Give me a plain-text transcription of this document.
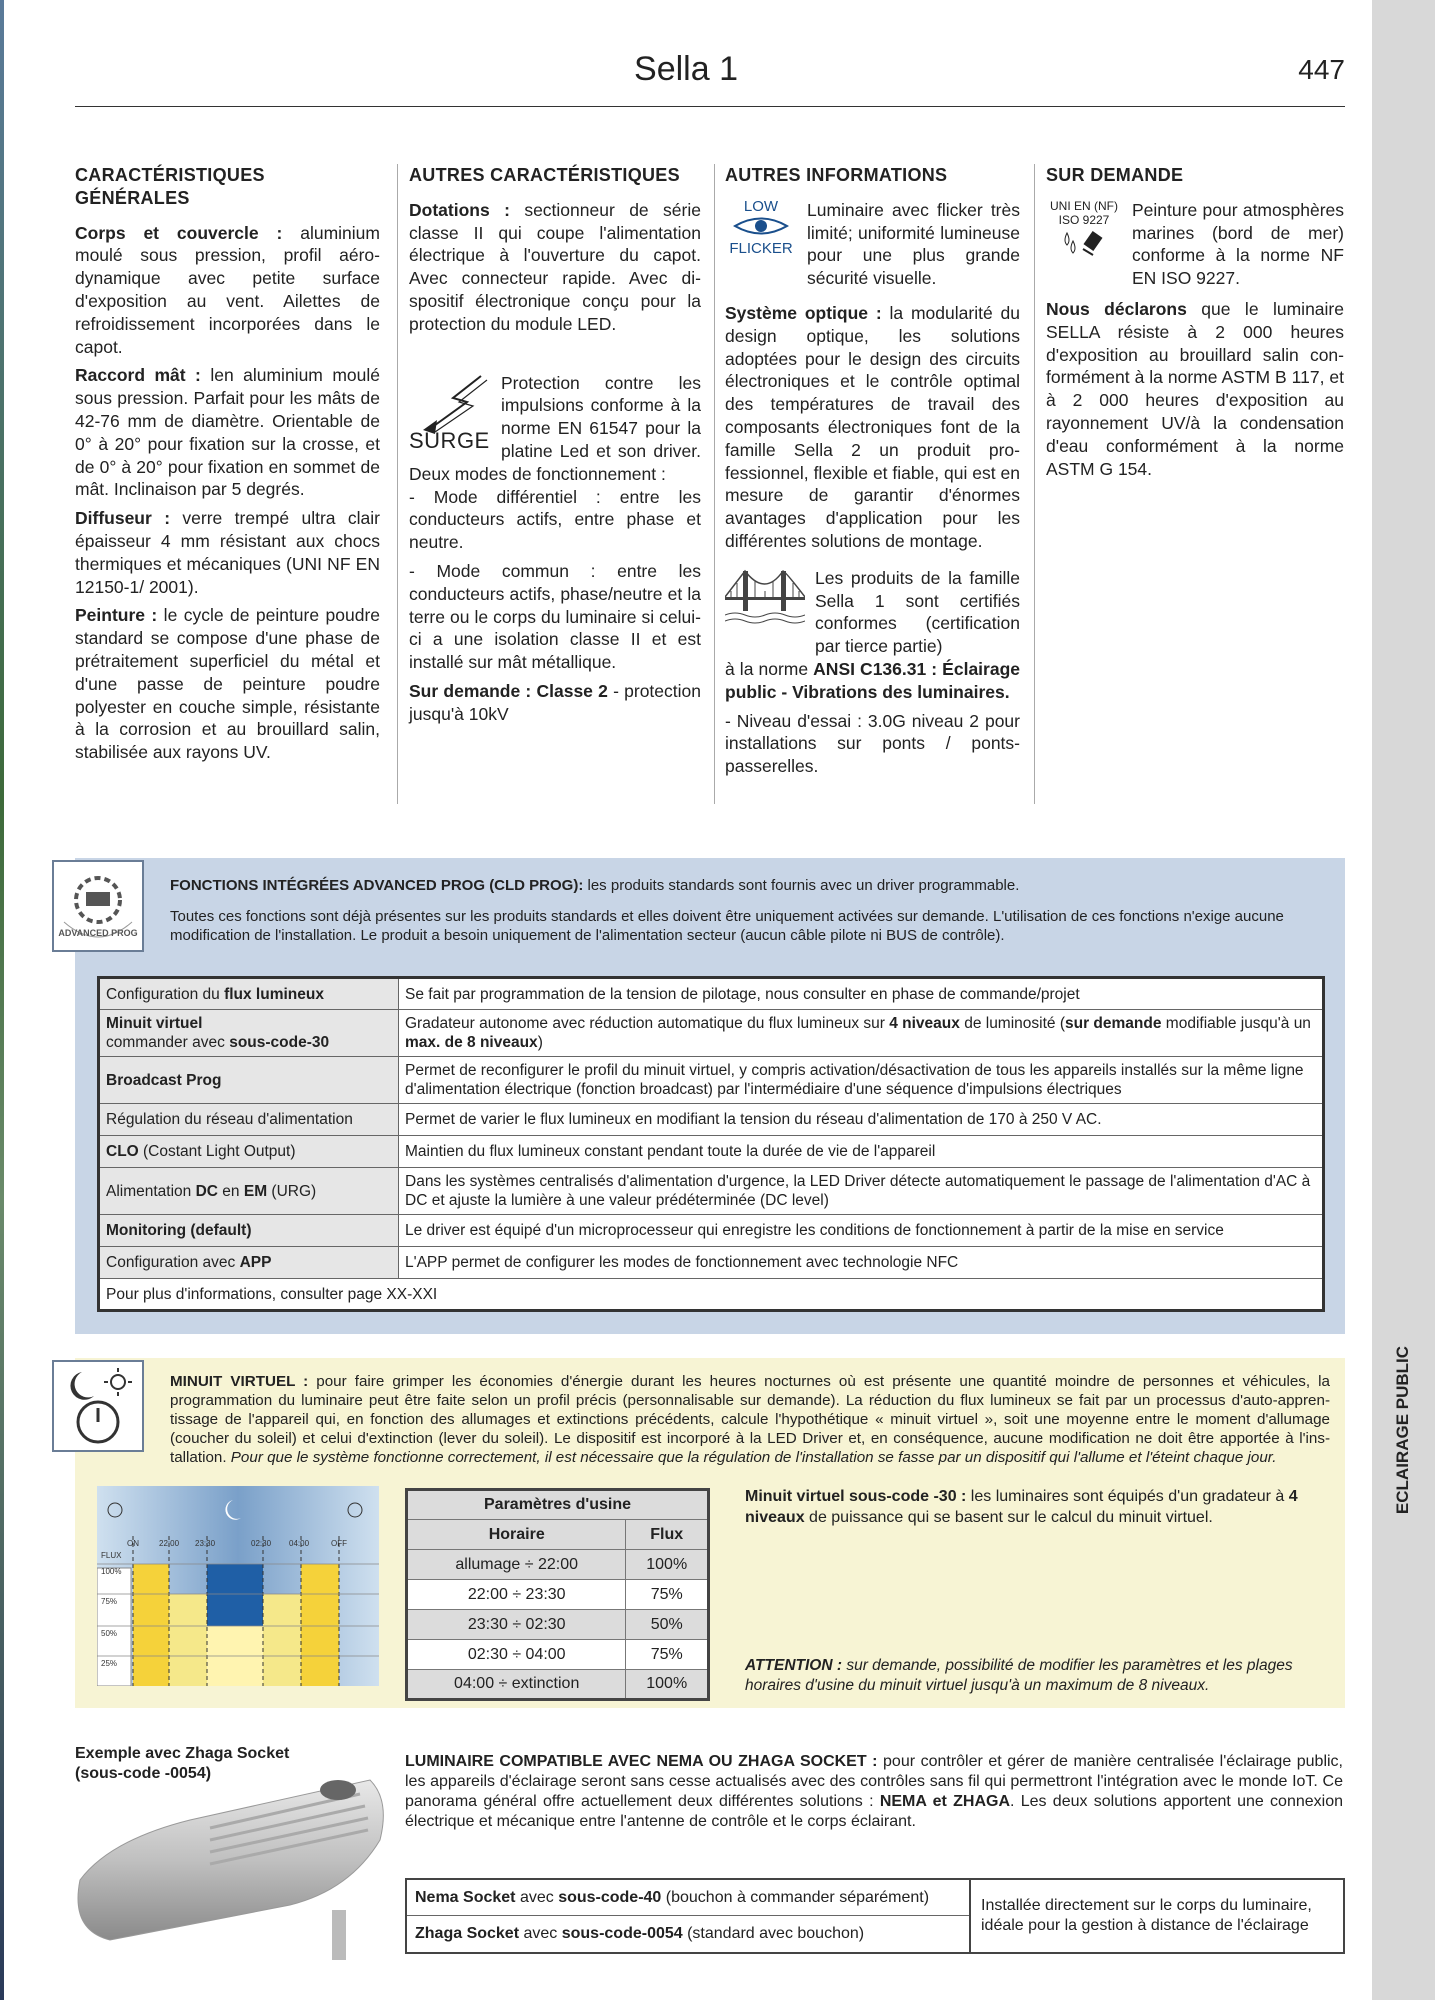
ECLAIRAGE PUBLIC
Sella 1	447
CARACTÉRISTIQUES GÉNÉRALES

Corps et couvercle : aluminium moulé sous pression, profil aérodynamique avec petite surface d'exposition au vent. Ailettes de refroidissement incorporées dans le capot.

Raccord mât : len aluminium moulé sous pression. Parfait pour les mâts de 42-76 mm de diamètre. Orientable de 0° à 20° pour fixation sur la crosse, et de 0° à 20° pour fixation en sommet de mât. Inclinaison par 5 degrés.

Diffuseur : verre trempé ultra clair épaisseur 4 mm résistant aux chocs thermiques et mécaniques (UNI NF EN 12150-1/ 2001).

Peinture : le cycle de peinture poudre standard se compose d'une phase de prétraitement superficiel du métal et d'une passe de peinture poudre polyester en couche simple, résistante à la corrosion et au brouillard salin, stabilisée aux rayons UV.

AUTRES CARACTÉRISTIQUES

Dotations : sectionneur de série classe II qui coupe l'alimentation électrique à l'ouverture du capot. Avec connecteur rapide. Avec dispositif électronique conçu pour la protection du module LED.

SURGE
Protection contre les impulsions conforme à la norme EN 61547 pour la platine Led et son driver. Deux modes de fonctionnement :

- Mode différentiel : entre les conducteurs actifs, entre phase et neutre.

- Mode commun : entre les conducteurs actifs, phase/neutre et la terre ou le corps du luminaire si celui-ci a une isolation classe II et est installé sur mât métallique.

Sur demande : Classe 2 - protection jusqu'à 10kV

AUTRES INFORMATIONS
LOW
FLICKER
Luminaire avec flicker très limité; uniformité lumineuse pour une plus grande sécurité visuelle.

Système optique : la modularité du design optique, les solutions adoptées pour le design des circuits électroniques et le contrôle optimal des températures de travail des composants électroniques font de la famille Sella 2 un produit professionnel, flexible et fiable, qui est en mesure de garantir d'énormes avantages d'application pour les différentes solutions de montage.

Les produits de la famille Sella 1 sont certifiés conformes (certification par tierce partie)

à la norme ANSI C136.31 : Éclairage public - Vibrations des luminaires.

- Niveau d'essai : 3.0G niveau 2 pour installations sur ponts / ponts-passerelles.

SUR DEMANDE
UNI EN (NF)
ISO 9227	Peinture pour atmosphères marines (bord de mer) conforme à la norme NF EN ISO 9227.

Nous déclarons que le luminaire SELLA résiste à 2 000 heures d'exposition au brouillard salin conformément à la norme ASTM B 117, et à 2 000 heures d'exposition au rayonnement UV/à la condensation d'eau conformément à la norme ASTM G 154.

ADVANCED PROG

FONCTIONS INTÉGRÉES ADVANCED PROG (CLD PROG): les produits standards sont fournis avec un driver programmable.

Toutes ces fonctions sont déjà présentes sur les produits standards et elles doivent être uniquement activées sur demande. L'utilisation de ces fonctions n'exige aucune modification de l'installation. Le produit a besoin uniquement de l'alimentation secteur (aucun câble pilote ni BUS de contrôle).

Configuration du flux lumineux	Se fait par programmation de la tension de pilotage, nous consulter en phase de commande/projet
Minuit virtuel
commander avec sous-code-30	Gradateur autonome avec réduction automatique du flux lumineux sur 4 niveaux de luminosité (sur demande modifiable jusqu'à un max. de 8 niveaux)
Broadcast Prog	Permet de reconfigurer le profil du minuit virtuel, y compris activation/désactivation de tous les appareils installés sur la même ligne d'alimentation électrique (fonction broadcast) par l'intermédiaire d'une séquence d'impulsions électriques
Régulation du réseau d'alimentation	Permet de varier le flux lumineux en modifiant la tension du réseau d'alimentation de 170 à 250 V AC.
CLO (Costant Light Output)	Maintien du flux lumineux constant pendant toute la durée de vie de l'appareil
Alimentation DC en EM (URG)	Dans les systèmes centralisés d'alimentation d'urgence, la LED Driver détecte automatiquement le passage de l'alimentation d'AC à DC et ajuste la lumière à une valeur prédéterminée (DC level)
Monitoring (default)	Le driver est équipé d'un microprocesseur qui enregistre les conditions de fonctionnement à partir de la mise en service
Configuration avec APP	L'APP permet de configurer les modes de fonctionnement avec technologie NFC
Pour plus d'informations, consulter page XX-XXI	
MINUIT VIRTUEL : pour faire grimper les économies d'énergie durant les heures nocturnes où est présente une quantité moindre de personnes et véhicules, la programmation du luminaire peut être faite selon un profil précis (personnalisable sur demande). La réduction du flux lumineux se fait par un processus d'auto-apprentissage de l'appareil qui, en fonction des allumages et extinctions précédents, calcule l'hypothétique « minuit virtuel », soit une moyenne entre le moment d'allumage (coucher du soleil) et celui d'extinction (lever du soleil). Le dispositif est incorporé à la LED Driver et, en conséquence, aucune modification ne doit être apportée à l'installation. Pour que le système fonctionne correctement, il est nécessaire que la régulation de l'installation se fasse par un dispositif qui l'allume et l'éteint chaque jour.
ON	22:00 23:30	02:30 04:00	OFF
FLUX
100%
75%
50%
25%
Paramètres d'usine	
Horaire	Flux
allumage ÷ 22:00	100%
22:00 ÷ 23:30	75%
23:30 ÷ 02:30	50%
02:30 ÷ 04:00	75%
04:00 ÷ extinction	100%
Minuit virtuel sous-code -30 : les luminaires sont équipés d'un gradateur à 4 niveaux de puissance qui se basent sur le calcul du minuit virtuel.
ATTENTION : sur demande, possibilité de modifier les paramètres et les plages horaires d'usine du minuit virtuel jusqu'à un maximum de 8 niveaux.
Exemple avec Zhaga Socket (sous-code -0054)
LUMINAIRE COMPATIBLE AVEC NEMA OU ZHAGA SOCKET : pour contrôler et gérer de manière centralisée l'éclairage public, les appareils d'éclairage seront sans cesse actualisés avec des contrôles sans fil qui permettront l'intégration avec le monde IoT. Ce panorama général offre actuellement deux différentes solutions : NEMA et ZHAGA. Les deux solutions apportent une connexion électrique et mécanique entre l'antenne de contrôle et le corps éclairant.
Nema Socket avec sous-code-40 (bouchon à commander séparément)
Zhaga Socket avec sous-code-0054 (standard avec bouchon)
Installée directement sur le corps du luminaire, idéale pour la gestion à distance de l'éclairage
